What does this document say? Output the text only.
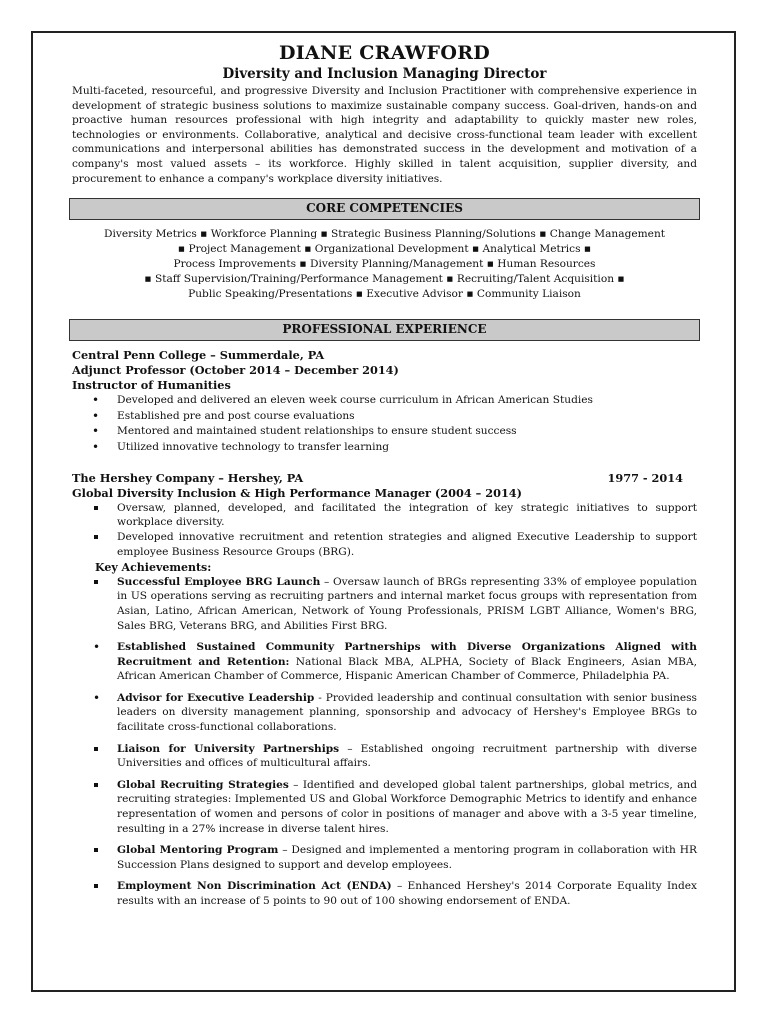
DIANE CRAWFORD
Diversity and Inclusion Managing Director
Multi-faceted, resourceful, and progressive Diversity and Inclusion Practitioner with comprehensive experience in development of strategic business solutions to maximize sustainable company success. Goal-driven, hands-on and proactive human resources professional with high integrity and adaptability to quickly master new roles, technologies or environments. Collaborative, analytical and decisive cross-functional team leader with excellent communications and interpersonal abilities has demonstrated success in the development and motivation of a company's most valued assets – its workforce. Highly skilled in talent acquisition, supplier diversity, and procurement to enhance a company's workplace diversity initiatives.
CORE COMPETENCIES
Diversity Metrics ▪ Workforce Planning ▪ Strategic Business Planning/Solutions ▪ Change Management
▪ Project Management ▪ Organizational Development ▪ Analytical Metrics ▪
Process Improvements ▪ Diversity Planning/Management ▪ Human Resources
▪ Staff Supervision/Training/Performance Management ▪ Recruiting/Talent Acquisition ▪
Public Speaking/Presentations ▪ Executive Advisor ▪ Community Liaison
PROFESSIONAL EXPERIENCE
Central Penn College – Summerdale, PA
Adjunct Professor (October 2014 – December 2014)
Instructor of Humanities
• Developed and delivered an eleven week course curriculum in African American Studies
• Established pre and post course evaluations
• Mentored and maintained student relationships to ensure student success
• Utilized innovative technology to transfer learning
The Hershey Company – Hershey, PA	1977 - 2014
Global Diversity Inclusion & High Performance Manager (2004 – 2014)
Oversaw, planned, developed, and facilitated the integration of key strategic initiatives to support workplace diversity.
Developed innovative recruitment and retention strategies and aligned Executive Leadership to support employee Business Resource Groups (BRG).
Key Achievements:
Successful Employee BRG Launch – Oversaw launch of BRGs representing 33% of employee population in US operations serving as recruiting partners and internal market focus groups with representation from Asian, Latino, African American, Network of Young Professionals, PRISM LGBT Alliance, Women's BRG, Sales BRG, Veterans BRG, and Abilities First BRG.
• Established Sustained Community Partnerships with Diverse Organizations Aligned with Recruitment and Retention: National Black MBA, ALPHA, Society of Black Engineers, Asian MBA, African American Chamber of Commerce, Hispanic American Chamber of Commerce, Philadelphia PA.
• Advisor for Executive Leadership - Provided leadership and continual consultation with senior business leaders on diversity management planning, sponsorship and advocacy of Hershey's Employee BRGs to facilitate cross-functional collaborations.
Liaison for University Partnerships – Established ongoing recruitment partnership with diverse Universities and offices of multicultural affairs.
Global Recruiting Strategies – Identified and developed global talent partnerships, global metrics, and recruiting strategies: Implemented US and Global Workforce Demographic Metrics to identify and enhance representation of women and persons of color in positions of manager and above with a 3-5 year timeline, resulting in a 27% increase in diverse talent hires.
Global Mentoring Program – Designed and implemented a mentoring program in collaboration with HR Succession Plans designed to support and develop employees.
Employment Non Discrimination Act (ENDA) – Enhanced Hershey's 2014 Corporate Equality Index results with an increase of 5 points to 90 out of 100 showing endorsement of ENDA.
